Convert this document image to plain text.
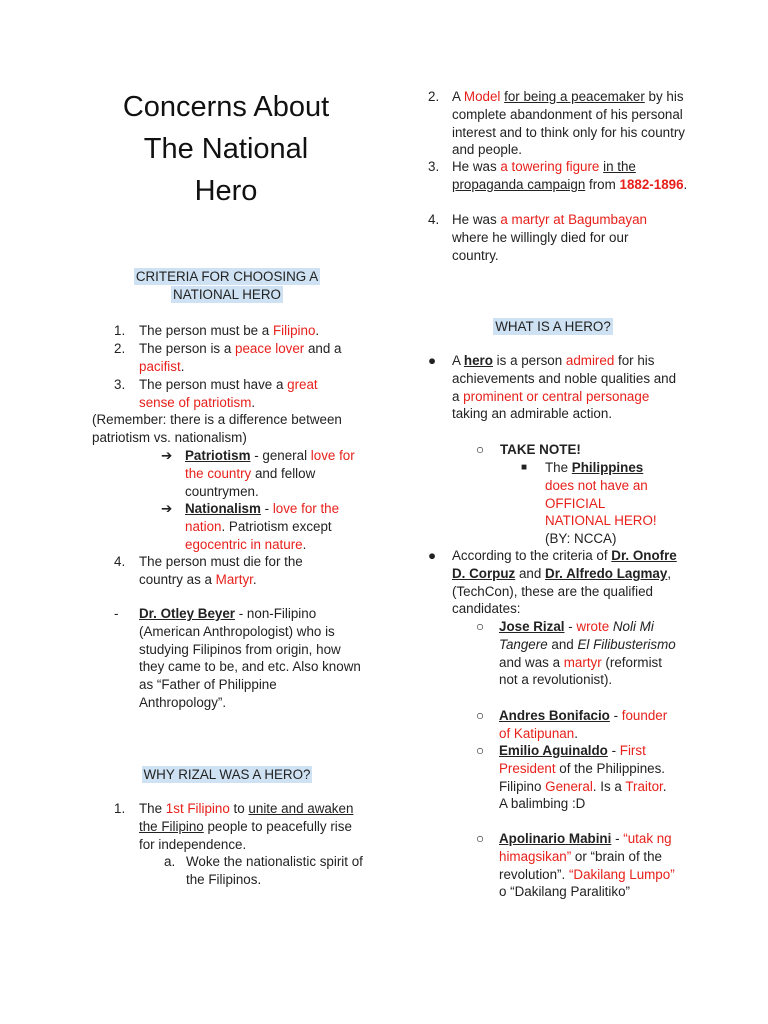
Concerns About
The National
Hero
CRITERIA FOR CHOOSING A
NATIONAL HERO
1.	The person must be a Filipino.
2.	The person is a peace lover and a pacifist.
3.	The person must have a great sense of patriotism.
(Remember: there is a difference between patriotism vs. nationalism)
➔ Patriotism - general love for the country and fellow countrymen.
➔ Nationalism - love for the nation. Patriotism except egocentric in nature.
4.	The person must die for the country as a Martyr.
-	Dr. Otley Beyer - non-Filipino (American Anthropologist) who is studying Filipinos from origin, how they came to be, and etc. Also known as “Father of Philippine Anthropology”.
WHY RIZAL WAS A HERO?
1.	The 1st Filipino to unite and awaken the Filipino people to peacefully rise for independence.
a. Woke the nationalistic spirit of the Filipinos.
2. A Model for being a peacemaker by his complete abandonment of his personal interest and to think only for his country and people.
3. He was a towering figure in the propaganda campaign from 1882-1896.
4. He was a martyr at Bagumbayan where he willingly died for our country.
WHAT IS A HERO?
●	A hero is a person admired for his achievements and noble qualities and a prominent or central personage taking an admirable action.
○	TAKE NOTE!
■	The Philippines does not have an OFFICIAL NATIONAL HERO! (BY: NCCA)
●	According to the criteria of Dr. Onofre D. Corpuz and Dr. Alfredo Lagmay, (TechCon), these are the qualified candidates:
○	Jose Rizal - wrote Noli Mi Tangere and El Filibusterismo and was a martyr (reformist not a revolutionist).
○	Andres Bonifacio - founder of Katipunan.
○	Emilio Aguinaldo - First President of the Philippines. Filipino General. Is a Traitor. A balimbing :D
○	Apolinario Mabini - “utak ng himagsikan” or “brain of the revolution”. “Dakilang Lumpo” o “Dakilang Paralitiko”
